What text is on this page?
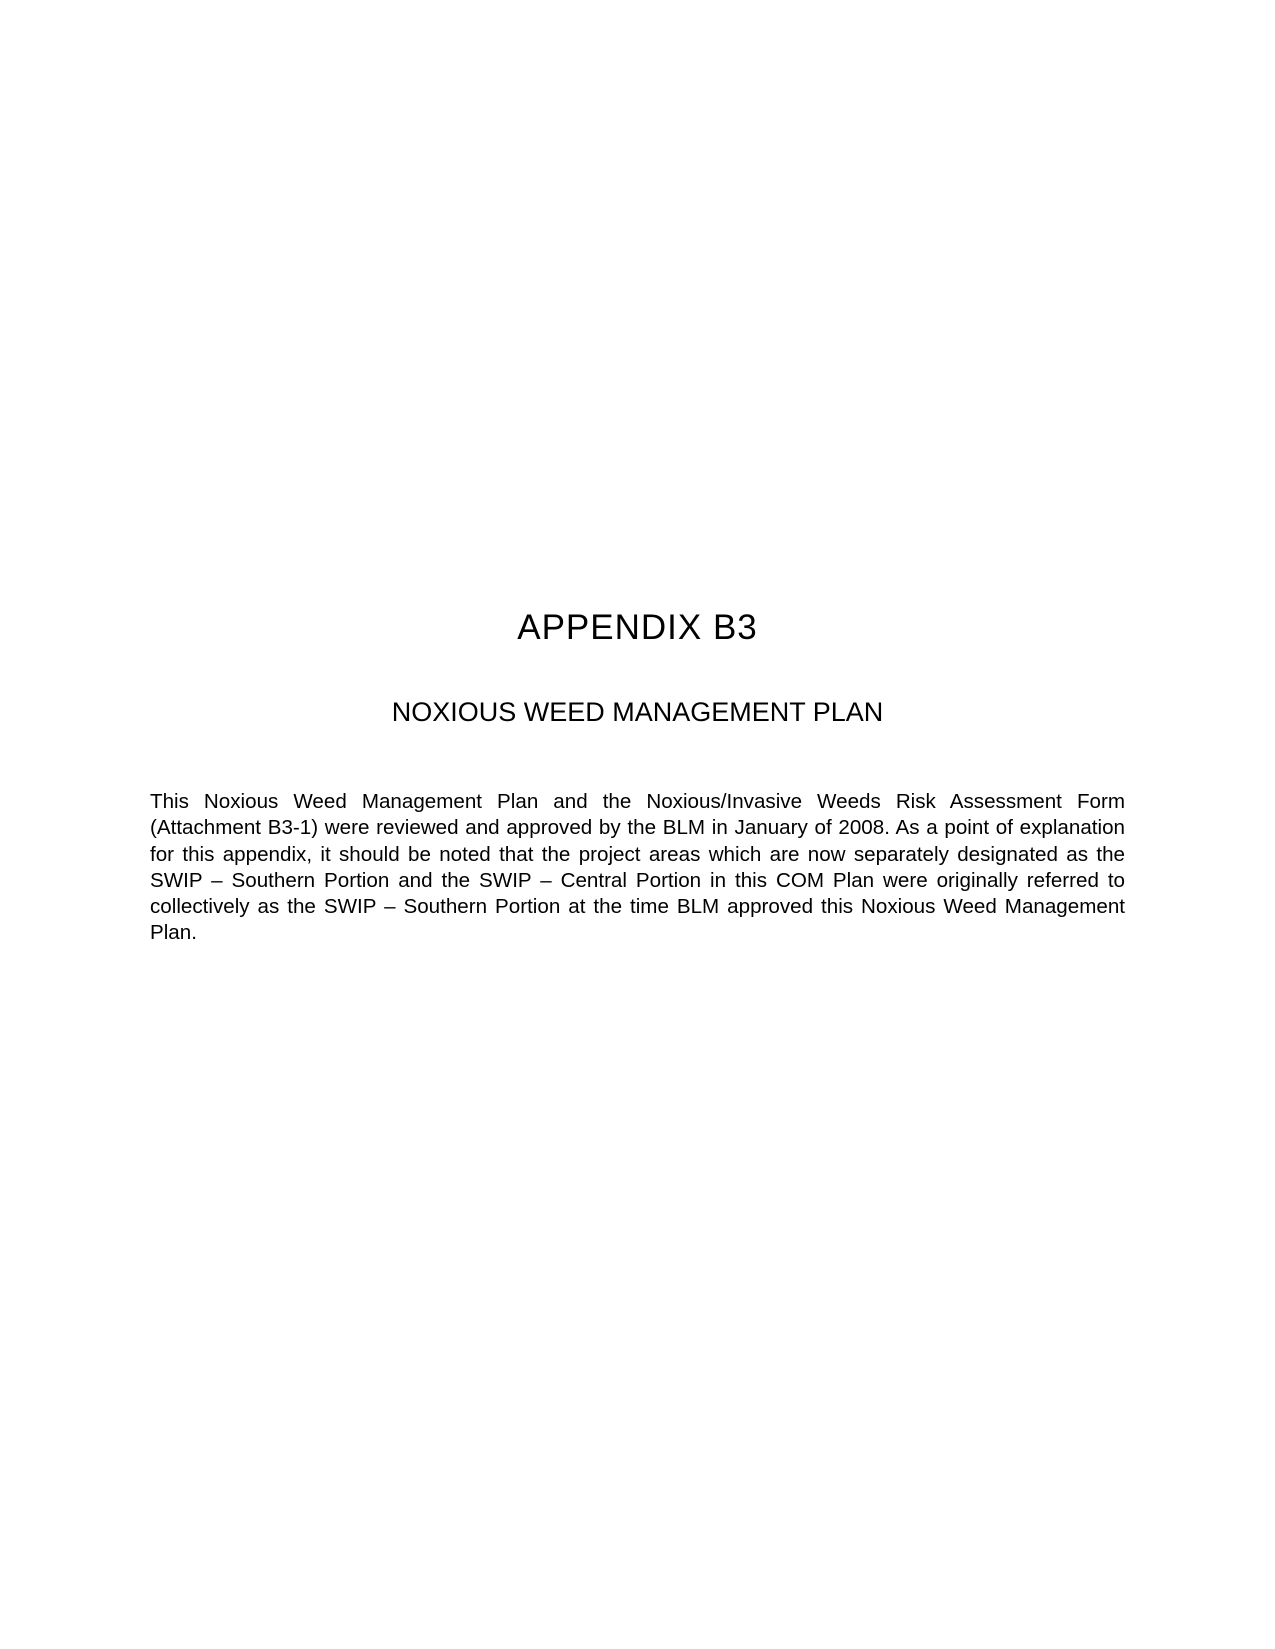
APPENDIX B3
NOXIOUS WEED MANAGEMENT PLAN

This Noxious Weed Management Plan and the Noxious/Invasive Weeds Risk Assessment Form (Attachment B3-1) were reviewed and approved by the BLM in January of 2008. As a point of explanation for this appendix, it should be noted that the project areas which are now separately designated as the SWIP – Southern Portion and the SWIP – Central Portion in this COM Plan were originally referred to collectively as the SWIP – Southern Portion at the time BLM approved this Noxious Weed Management Plan.
